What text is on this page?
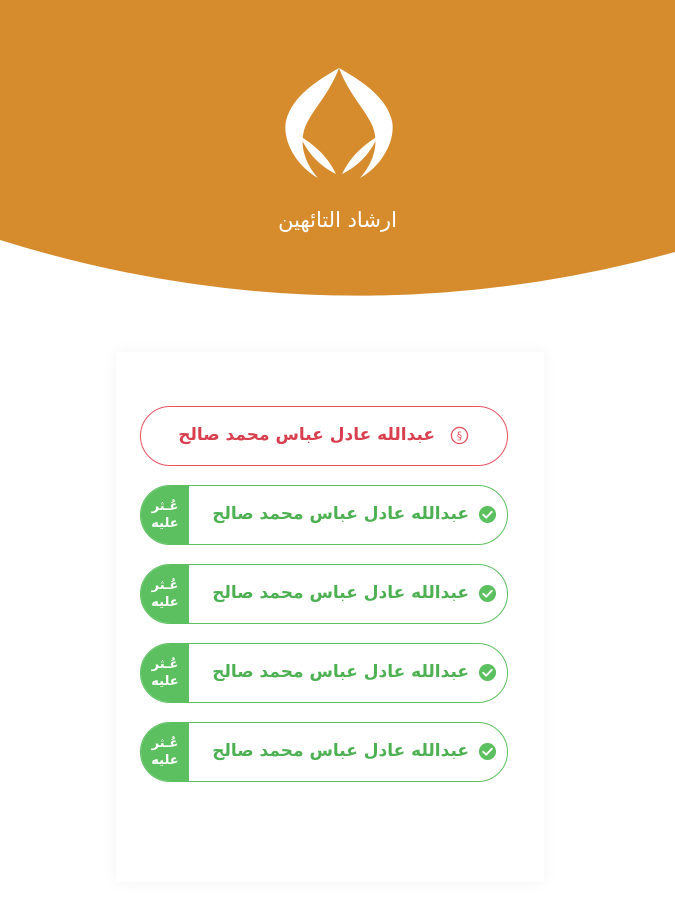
ارشاد التائهين
§
عبدالله عادل عباس محمد صالح
عُـثر
عليه	عبدالله عادل عباس محمد صالح
عُـثر
عليه	عبدالله عادل عباس محمد صالح
عُـثر
عليه	عبدالله عادل عباس محمد صالح
عُـثر
عليه	عبدالله عادل عباس محمد صالح
